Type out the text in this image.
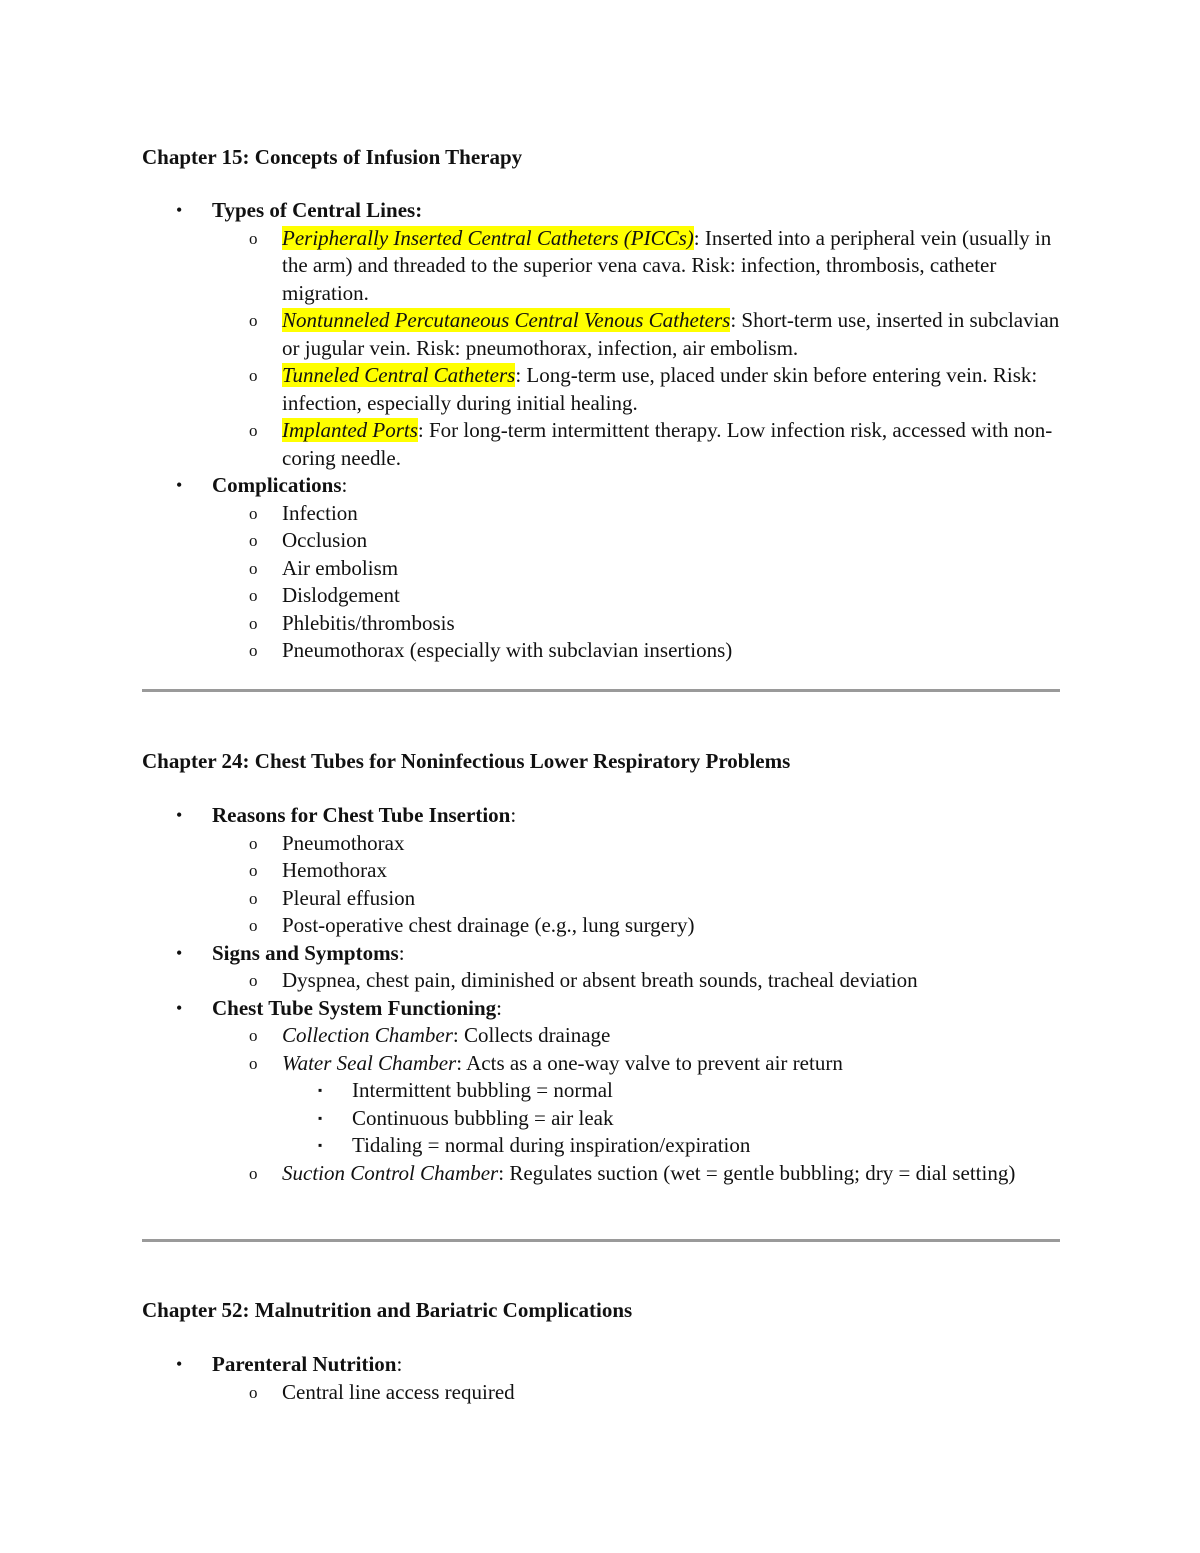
Chapter 15: Concepts of Infusion Therapy

• Types of Central Lines:
o Peripherally Inserted Central Catheters (PICCs): Inserted into a peripheral vein (usually in the arm) and threaded to the superior vena cava. Risk: infection, thrombosis, catheter migration.
o Nontunneled Percutaneous Central Venous Catheters: Short-term use, inserted in subclavian or jugular vein. Risk: pneumothorax, infection, air embolism.
o Tunneled Central Catheters: Long-term use, placed under skin before entering vein. Risk: infection, especially during initial healing.
o Implanted Ports: For long-term intermittent therapy. Low infection risk, accessed with non-coring needle.
• Complications:
o Infection
o Occlusion
o Air embolism
o Dislodgement
o Phlebitis/thrombosis
o Pneumothorax (especially with subclavian insertions)

Chapter 24: Chest Tubes for Noninfectious Lower Respiratory Problems

• Reasons for Chest Tube Insertion:
o Pneumothorax
o Hemothorax
o Pleural effusion
o Post-operative chest drainage (e.g., lung surgery)
• Signs and Symptoms:
o Dyspnea, chest pain, diminished or absent breath sounds, tracheal deviation
• Chest Tube System Functioning:
o Collection Chamber: Collects drainage
o Water Seal Chamber: Acts as a one-way valve to prevent air return
▪ Intermittent bubbling = normal
▪ Continuous bubbling = air leak
▪ Tidaling = normal during inspiration/expiration
o Suction Control Chamber: Regulates suction (wet = gentle bubbling; dry = dial setting)

Chapter 52: Malnutrition and Bariatric Complications

• Parenteral Nutrition:
o Central line access required
